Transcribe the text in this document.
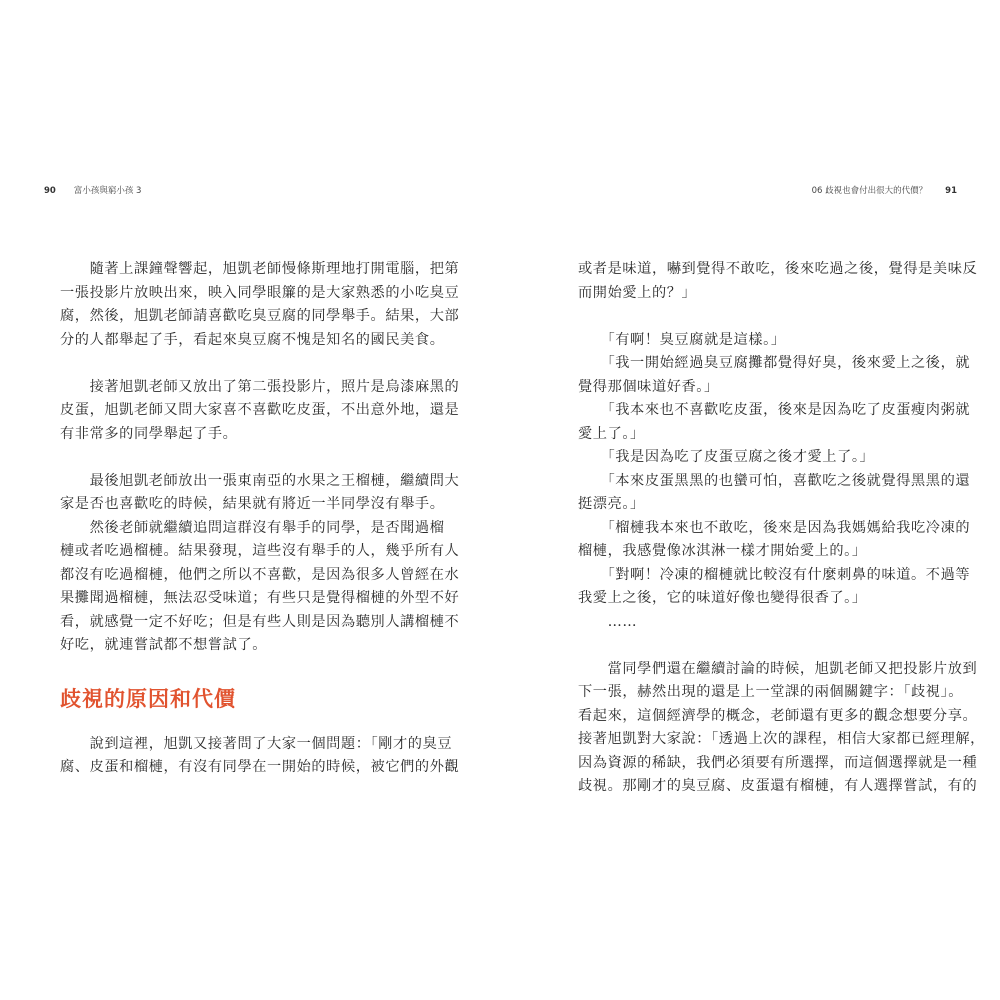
90 富小孩與窮小孩 3	06 歧視也會付出很大的代價？ 91
　　隨著上課鐘聲響起，旭凱老師慢條斯理地打開電腦，把第
一張投影片放映出來，映入同學眼簾的是大家熟悉的小吃臭豆
腐，然後，旭凱老師請喜歡吃臭豆腐的同學舉手。結果，大部
分的人都舉起了手，看起來臭豆腐不愧是知名的國民美食。
　　接著旭凱老師又放出了第二張投影片，照片是烏漆麻黑的
皮蛋，旭凱老師又問大家喜不喜歡吃皮蛋，不出意外地，還是
有非常多的同學舉起了手。
　　最後旭凱老師放出一張東南亞的水果之王榴槤，繼續問大
家是否也喜歡吃的時候，結果就有將近一半同學沒有舉手。
　　然後老師就繼續追問這群沒有舉手的同學，是否聞過榴
槤或者吃過榴槤。結果發現，這些沒有舉手的人，幾乎所有人
都沒有吃過榴槤，他們之所以不喜歡，是因為很多人曾經在水
果攤聞過榴槤，無法忍受味道；有些只是覺得榴槤的外型不好
看，就感覺一定不好吃；但是有些人則是因為聽別人講榴槤不
好吃，就連嘗試都不想嘗試了。
歧視的原因和代價
　　說到這裡，旭凱又接著問了大家一個問題：「剛才的臭豆
腐、皮蛋和榴槤，有沒有同學在一開始的時候，被它們的外觀
或者是味道，嚇到覺得不敢吃，後來吃過之後，覺得是美味反
而開始愛上的？」
　　「有啊！臭豆腐就是這樣。」
　　「我一開始經過臭豆腐攤都覺得好臭，後來愛上之後，就
覺得那個味道好香。」
　　「我本來也不喜歡吃皮蛋，後來是因為吃了皮蛋瘦肉粥就
愛上了。」
　　「我是因為吃了皮蛋豆腐之後才愛上了。」
　　「本來皮蛋黑黑的也蠻可怕，喜歡吃之後就覺得黑黑的還
挺漂亮。」
　　「榴槤我本來也不敢吃，後來是因為我媽媽給我吃冷凍的
榴槤，我感覺像冰淇淋一樣才開始愛上的。」
　　「對啊！冷凍的榴槤就比較沒有什麼刺鼻的味道。不過等
我愛上之後，它的味道好像也變得很香了。」
　　……
　　當同學們還在繼續討論的時候，旭凱老師又把投影片放到
下一張，赫然出現的還是上一堂課的兩個關鍵字：「歧視」。
看起來，這個經濟學的概念，老師還有更多的觀念想要分享。
接著旭凱對大家說：「透過上次的課程，相信大家都已經理解，
因為資源的稀缺，我們必須要有所選擇，而這個選擇就是一種
歧視。那剛才的臭豆腐、皮蛋還有榴槤，有人選擇嘗試，有的
